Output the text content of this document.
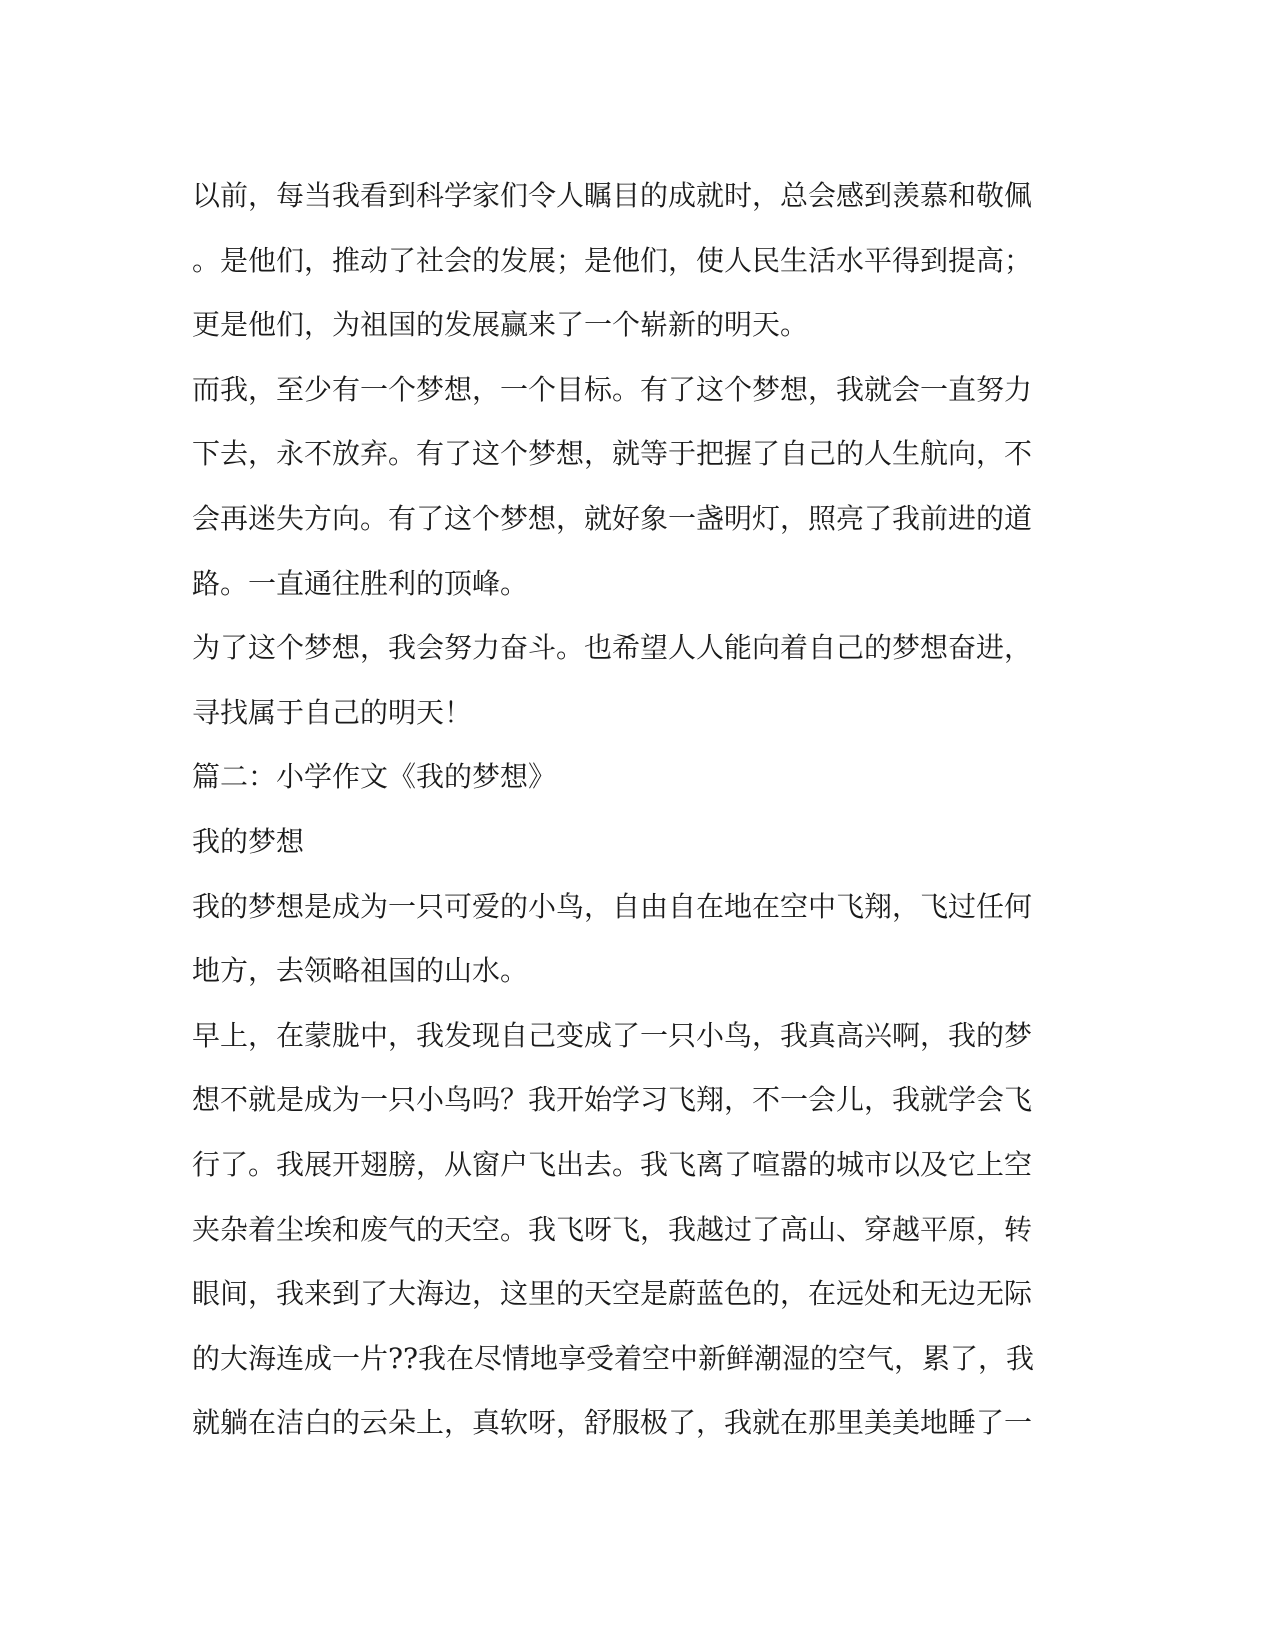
以前，每当我看到科学家们令人瞩目的成就时，总会感到羡慕和敬佩
。是他们，推动了社会的发展；是他们，使人民生活水平得到提高；
更是他们，为祖国的发展赢来了一个崭新的明天。
而我，至少有一个梦想，一个目标。有了这个梦想，我就会一直努力
下去，永不放弃。有了这个梦想，就等于把握了自己的人生航向，不
会再迷失方向。有了这个梦想，就好象一盏明灯，照亮了我前进的道
路。一直通往胜利的顶峰。
为了这个梦想，我会努力奋斗。也希望人人能向着自己的梦想奋进，
寻找属于自己的明天！
篇二：小学作文《我的梦想》
我的梦想
我的梦想是成为一只可爱的小鸟，自由自在地在空中飞翔，飞过任何
地方，去领略祖国的山水。
早上，在蒙胧中，我发现自己变成了一只小鸟，我真高兴啊，我的梦
想不就是成为一只小鸟吗？我开始学习飞翔，不一会儿，我就学会飞
行了。我展开翅膀，从窗户飞出去。我飞离了喧嚣的城市以及它上空
夹杂着尘埃和废气的天空。我飞呀飞，我越过了高山、穿越平原，转
眼间，我来到了大海边，这里的天空是蔚蓝色的，在远处和无边无际
的大海连成一片??我在尽情地享受着空中新鲜潮湿的空气，累了，我
就躺在洁白的云朵上，真软呀，舒服极了，我就在那里美美地睡了一
